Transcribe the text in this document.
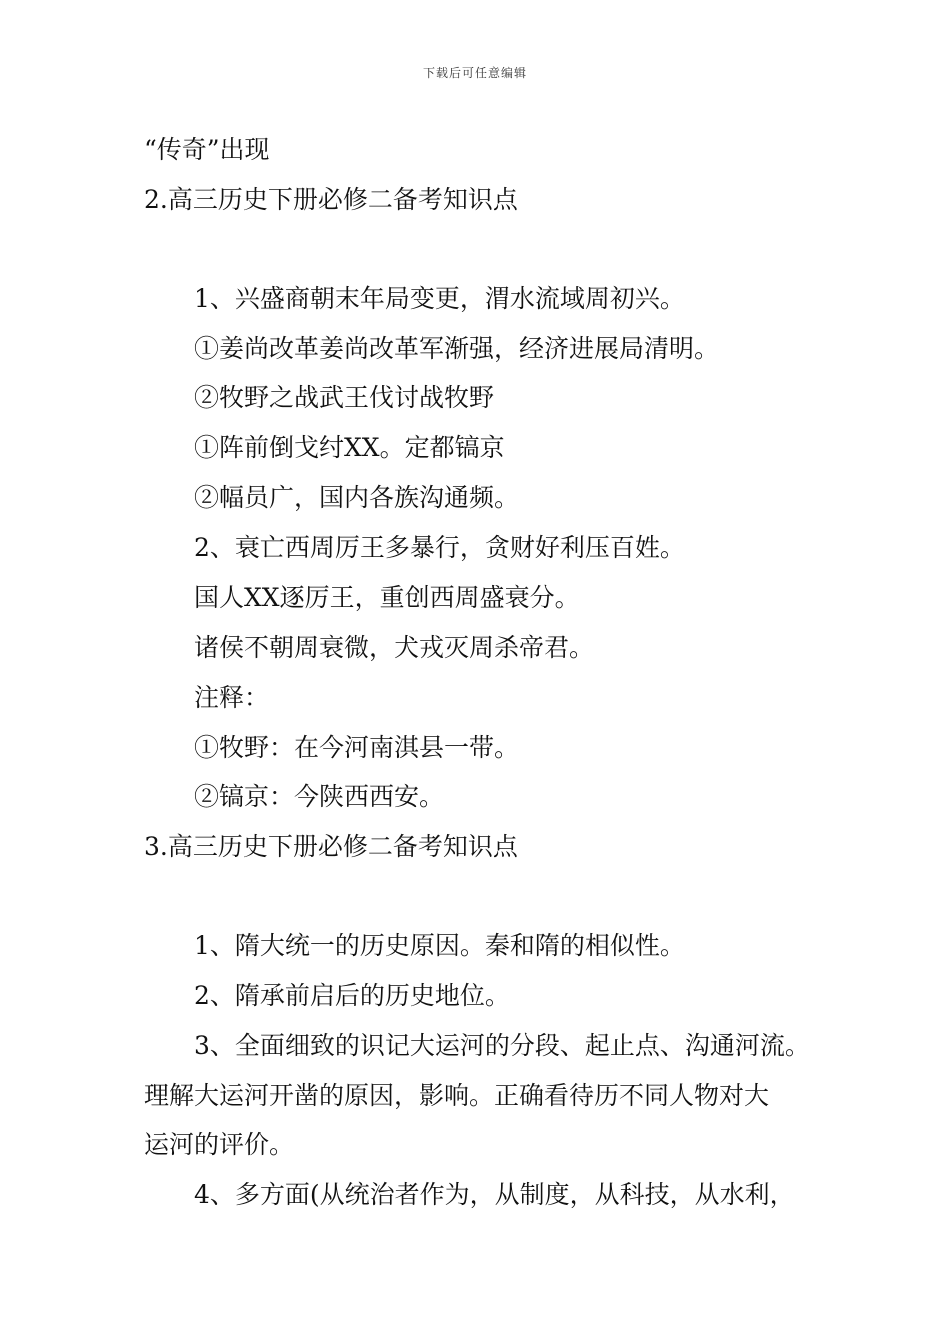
下载后可任意编辑
“传奇”出现
2.高三历史下册必修二备考知识点
1、兴盛商朝末年局变更，渭水流域周初兴。
①姜尚改革姜尚改革军渐强，经济进展局清明。
②牧野之战武王伐讨战牧野
①阵前倒戈纣XX。定都镐京
②幅员广，国内各族沟通频。
2、衰亡西周厉王多暴行，贪财好利压百姓。
国人XX逐厉王，重创西周盛衰分。
诸侯不朝周衰微，犬戎灭周杀帝君。
注释：
①牧野：在今河南淇县一带。
②镐京：今陕西西安。
3.高三历史下册必修二备考知识点
1、隋大统一的历史原因。秦和隋的相似性。
2、隋承前启后的历史地位。
3、全面细致的识记大运河的分段、起止点、沟通河流。
理解大运河开凿的原因，影响。正确看待历不同人物对大
运河的评价。
4、多方面(从统治者作为，从制度，从科技，从水利，
